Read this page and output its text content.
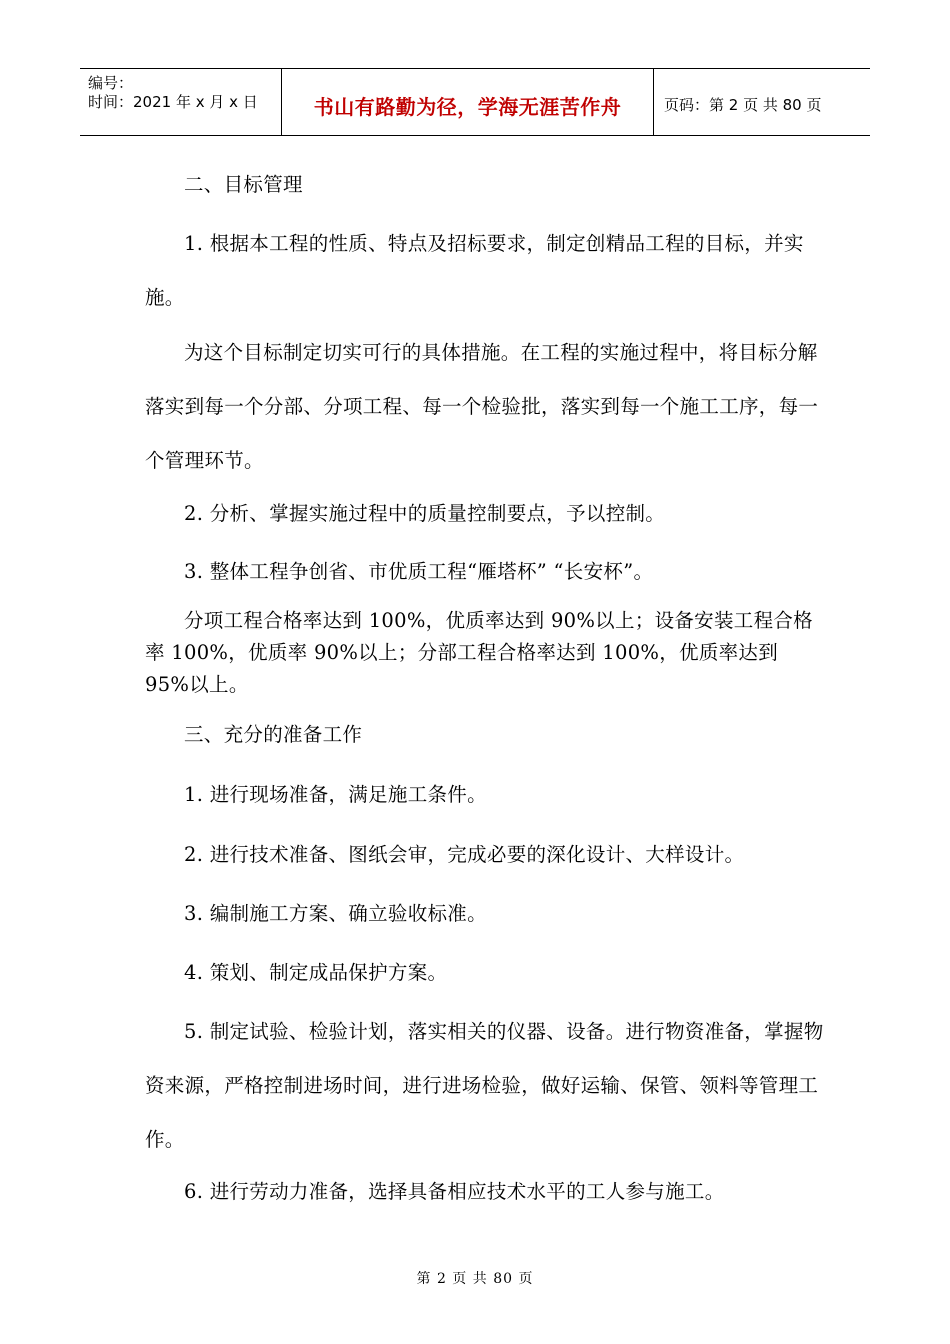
编号：
时间：2021 年 x 月 x 日	书山有路勤为径，学海无涯苦作舟	页码：第 2 页 共 80 页

二、目标管理

1. 根据本工程的性质、特点及招标要求，制定创精品工程的目标，并实施。

为这个目标制定切实可行的具体措施。在工程的实施过程中，将目标分解落实到每一个分部、分项工程、每一个检验批，落实到每一个施工工序，每一个管理环节。

2. 分析、掌握实施过程中的质量控制要点，予以控制。

3. 整体工程争创省、市优质工程“雁塔杯” “长安杯”。

分项工程合格率达到 100%，优质率达到 90%以上；设备安装工程合格率 100%，优质率 90%以上；分部工程合格率达到 100%，优质率达到 95%以上。

三、充分的准备工作

1. 进行现场准备，满足施工条件。

2. 进行技术准备、图纸会审，完成必要的深化设计、大样设计。

3. 编制施工方案、确立验收标准。

4. 策划、制定成品保护方案。

5. 制定试验、检验计划，落实相关的仪器、设备。进行物资准备，掌握物资来源，严格控制进场时间，进行进场检验，做好运输、保管、领料等管理工作。

6. 进行劳动力准备，选择具备相应技术水平的工人参与施工。

第 2 页 共 80 页
